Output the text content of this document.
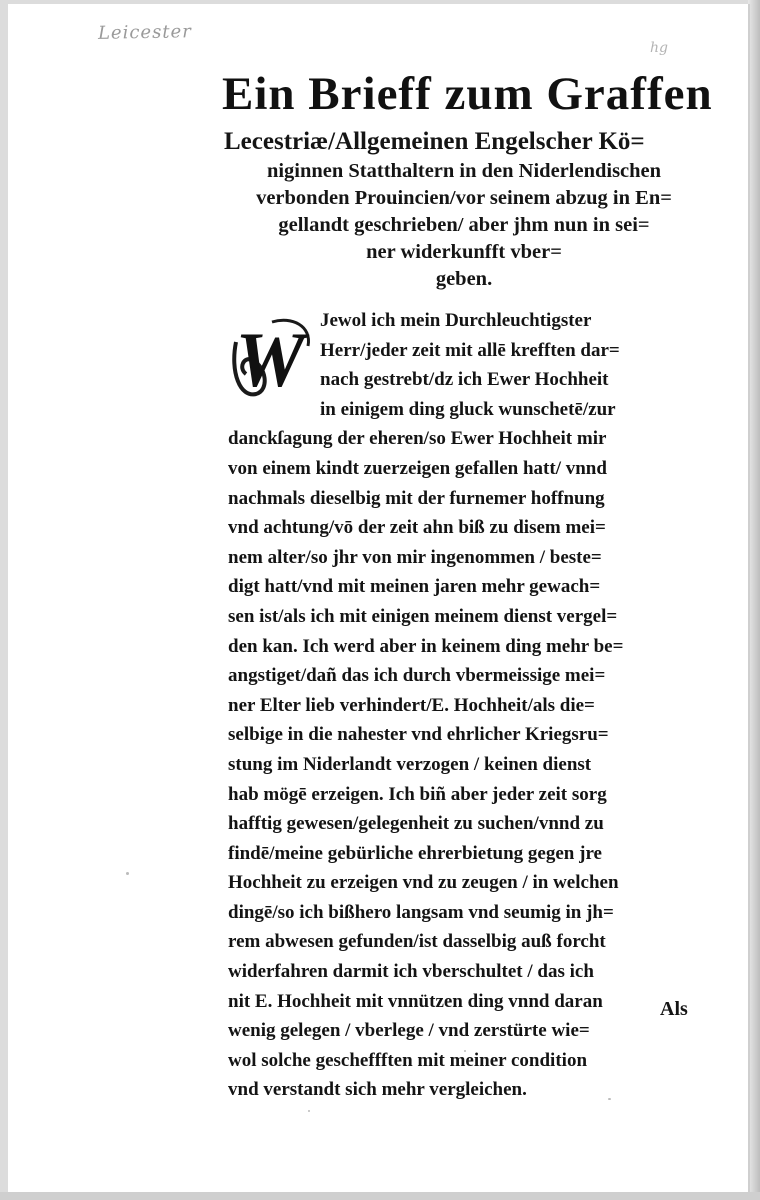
Leicester
hg
Ein Brieff zum Graffen
Lecestriæ/Allgemeinen Engelscher Kö=
niginnen Statthaltern in den Niderlendischen
verbonden Prouincien/vor seinem abzug in En=
gellandt geschrieben/ aber jhm nun in sei=
ner widerkunfft vber=
geben.
W Jewol ich mein Durchleuchtigster
Herr/jeder zeit mit allē krefften dar=
nach gestrebt/dz ich Ewer Hochheit
in einigem ding gluck wunschetē/zur
danckſagung der eheren/so Ewer Hochheit mir
von einem kindt zuerzeigen gefallen hatt/ vnnd
nachmals dieselbig mit der furnemer hoffnung
vnd achtung/vō der zeit ahn biß zu disem mei=
nem alter/so jhr von mir ingenommen / beste=
digt hatt/vnd mit meinen jaren mehr gewach=
sen ist/als ich mit einigen meinem dienst vergel=
den kan. Ich werd aber in keinem ding mehr be=
angstiget/dañ das ich durch vbermeissige mei=
ner Elter lieb verhindert/E. Hochheit/als die=
selbige in die nahester vnd ehrlicher Kriegsru=
stung im Niderlandt verzogen / keinen dienst
hab mögē erzeigen. Ich biñ aber jeder zeit sorg
hafftig gewesen/gelegenheit zu suchen/vnnd zu
findē/meine gebürliche ehrerbietung gegen jre
Hochheit zu erzeigen vnd zu zeugen / in welchen
dingē/so ich bißhero langsam vnd seumig in jh=
rem abwesen gefunden/ist dasselbig auß forcht
widerfahren darmit ich vberschultet / das ich
nit E. Hochheit mit vnnützen ding vnnd daran
wenig gelegen / vberlege / vnd zerstürte wie=
wol solche gescheffften mit meiner condition
vnd verstandt sich mehr vergleichen.
Als
